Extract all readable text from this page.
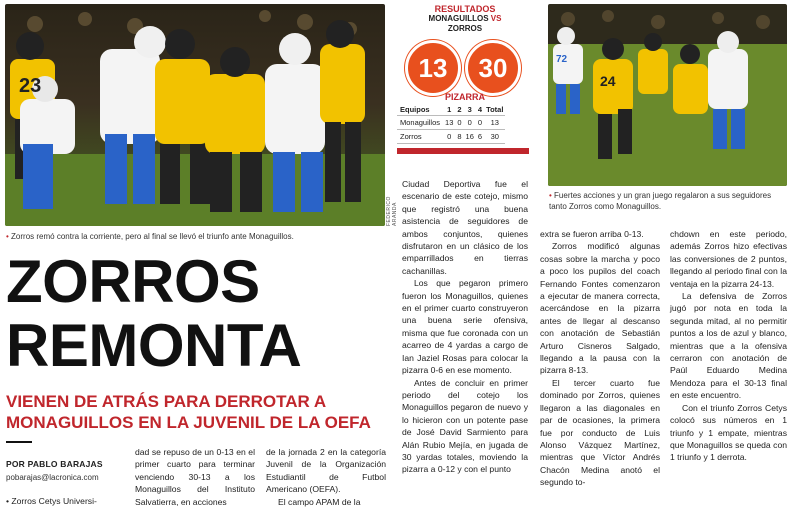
23
FEDERICO ARANDA
• Zorros remó contra la corriente, pero al final se llevó el triunfo ante Monaguillos.
RESULTADOS
MONAGUILLOS VS
ZORROS
13	30
PIZARRA
Equipos	1	2	3	4	Total
Monaguillos	13	0	0	0	13
Zorros	0	8	16	6	30
24
72
• Fuertes acciones y un gran juego regalaron a sus seguidores tanto Zorros como Monaguillos.
ZORROS
REMONTA
VIENEN DE ATRÁS PARA DERROTAR A MONAGUILLOS EN LA JUVENIL DE LA OEFA
POR PABLO BARAJAS
pobarajas@lacronica.com

• Zorros Cetys Universi-

dad se repuso de un 0-13 en el primer cuarto para terminar venciendo 30-13 a los Monaguillos del Instituto Salvatierra, en acciones

de la jornada 2 en la categoría Juvenil de la Organización Estudiantil de Futbol Americano (OEFA).

El campo APAM de la

Ciudad Deportiva fue el escenario de este cotejo, mismo que registró una buena asistencia de seguidores de ambos conjuntos, quienes disfrutaron en un clásico de los emparrillados en tierras cachanillas.

Los que pegaron primero fueron los Monaguillos, quienes en el primer cuarto construyeron una buena serie ofensiva, misma que fue coronada con un acarreo de 4 yardas a cargo de Ian Jaziel Rosas para colocar la pizarra 0-6 en ese momento.

Antes de concluir en primer periodo del cotejo los Monaguillos pegaron de nuevo y lo hicieron con un potente pase de José David Sarmiento para Alán Rubio Mejía, en jugada de 30 yardas totales, moviendo la pizarra a 0-12 y con el punto

extra se fueron arriba 0-13.

Zorros modificó algunas cosas sobre la marcha y poco a poco los pupilos del coach Fernando Fontes comenzaron a ejecutar de manera correcta, acercándose en la pizarra antes de llegar al descanso con anotación de Sebastián Arturo Cisneros Salgado, llegando a la pausa con la pizarra 8-13.

El tercer cuarto fue dominado por Zorros, quienes llegaron a las diagonales en par de ocasiones, la primera fue por conducto de Luis Alonso Vázquez Martínez, mientras que Víctor Andrés Chacón Medina anotó el segundo to-

chdown en este periodo, además Zorros hizo efectivas las conversiones de 2 puntos, llegando al periodo final con la ventaja en la pizarra 24-13.

La defensiva de Zorros jugó por nota en toda la segunda mitad, al no permitir puntos a los de azul y blanco, mientras que a la ofensiva cerraron con anotación de Paúl Eduardo Medina Mendoza para el 30-13 final en este encuentro.

Con el triunfo Zorros Cetys colocó sus números en 1 triunfo y 1 empate, mientras que Monaguillos se queda con 1 triunfo y 1 derrota.
